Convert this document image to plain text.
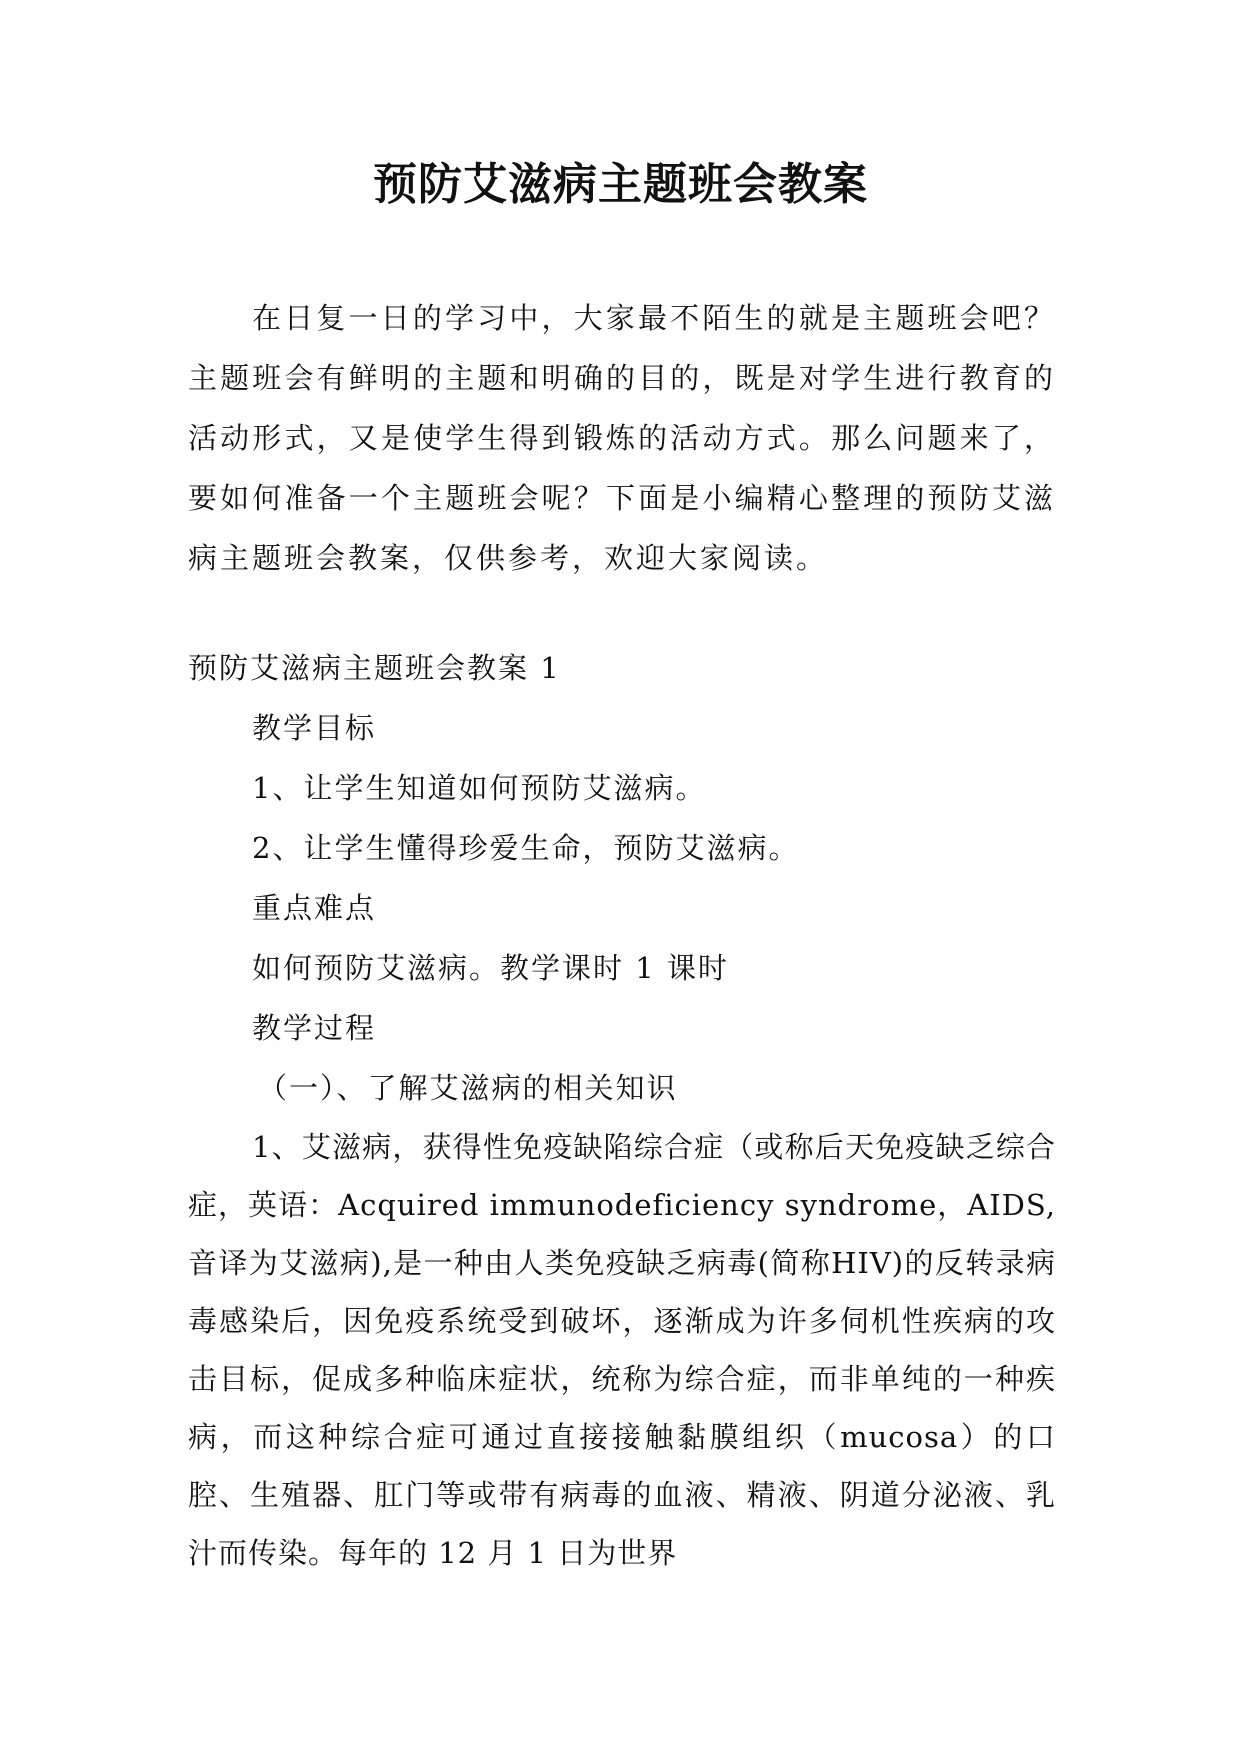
预防艾滋病主题班会教案

在日复一日的学习中，大家最不陌生的就是主题班会吧？主题班会有鲜明的主题和明确的目的，既是对学生进行教育的活动形式，又是使学生得到锻炼的活动方式。那么问题来了，要如何准备一个主题班会呢？下面是小编精心整理的预防艾滋病主题班会教案，仅供参考，欢迎大家阅读。

预防艾滋病主题班会教案 1

教学目标

1、让学生知道如何预防艾滋病。

2、让学生懂得珍爱生命，预防艾滋病。

重点难点

如何预防艾滋病。教学课时 1 课时

教学过程

（一）、了解艾滋病的相关知识

1、艾滋病，获得性免疫缺陷综合症（或称后天免疫缺乏综合症，英语：Acquired immunodeficiency syndrome，AIDS,音译为艾滋病),是一种由人类免疫缺乏病毒(简称HIV)的反转录病毒感染后，因免疫系统受到破坏，逐渐成为许多伺机性疾病的攻击目标，促成多种临床症状，统称为综合症，而非单纯的一种疾病，而这种综合症可通过直接接触黏膜组织（mucosa）的口腔、生殖器、肛门等或带有病毒的血液、精液、阴道分泌液、乳汁而传染。每年的 12 月 1 日为世界
